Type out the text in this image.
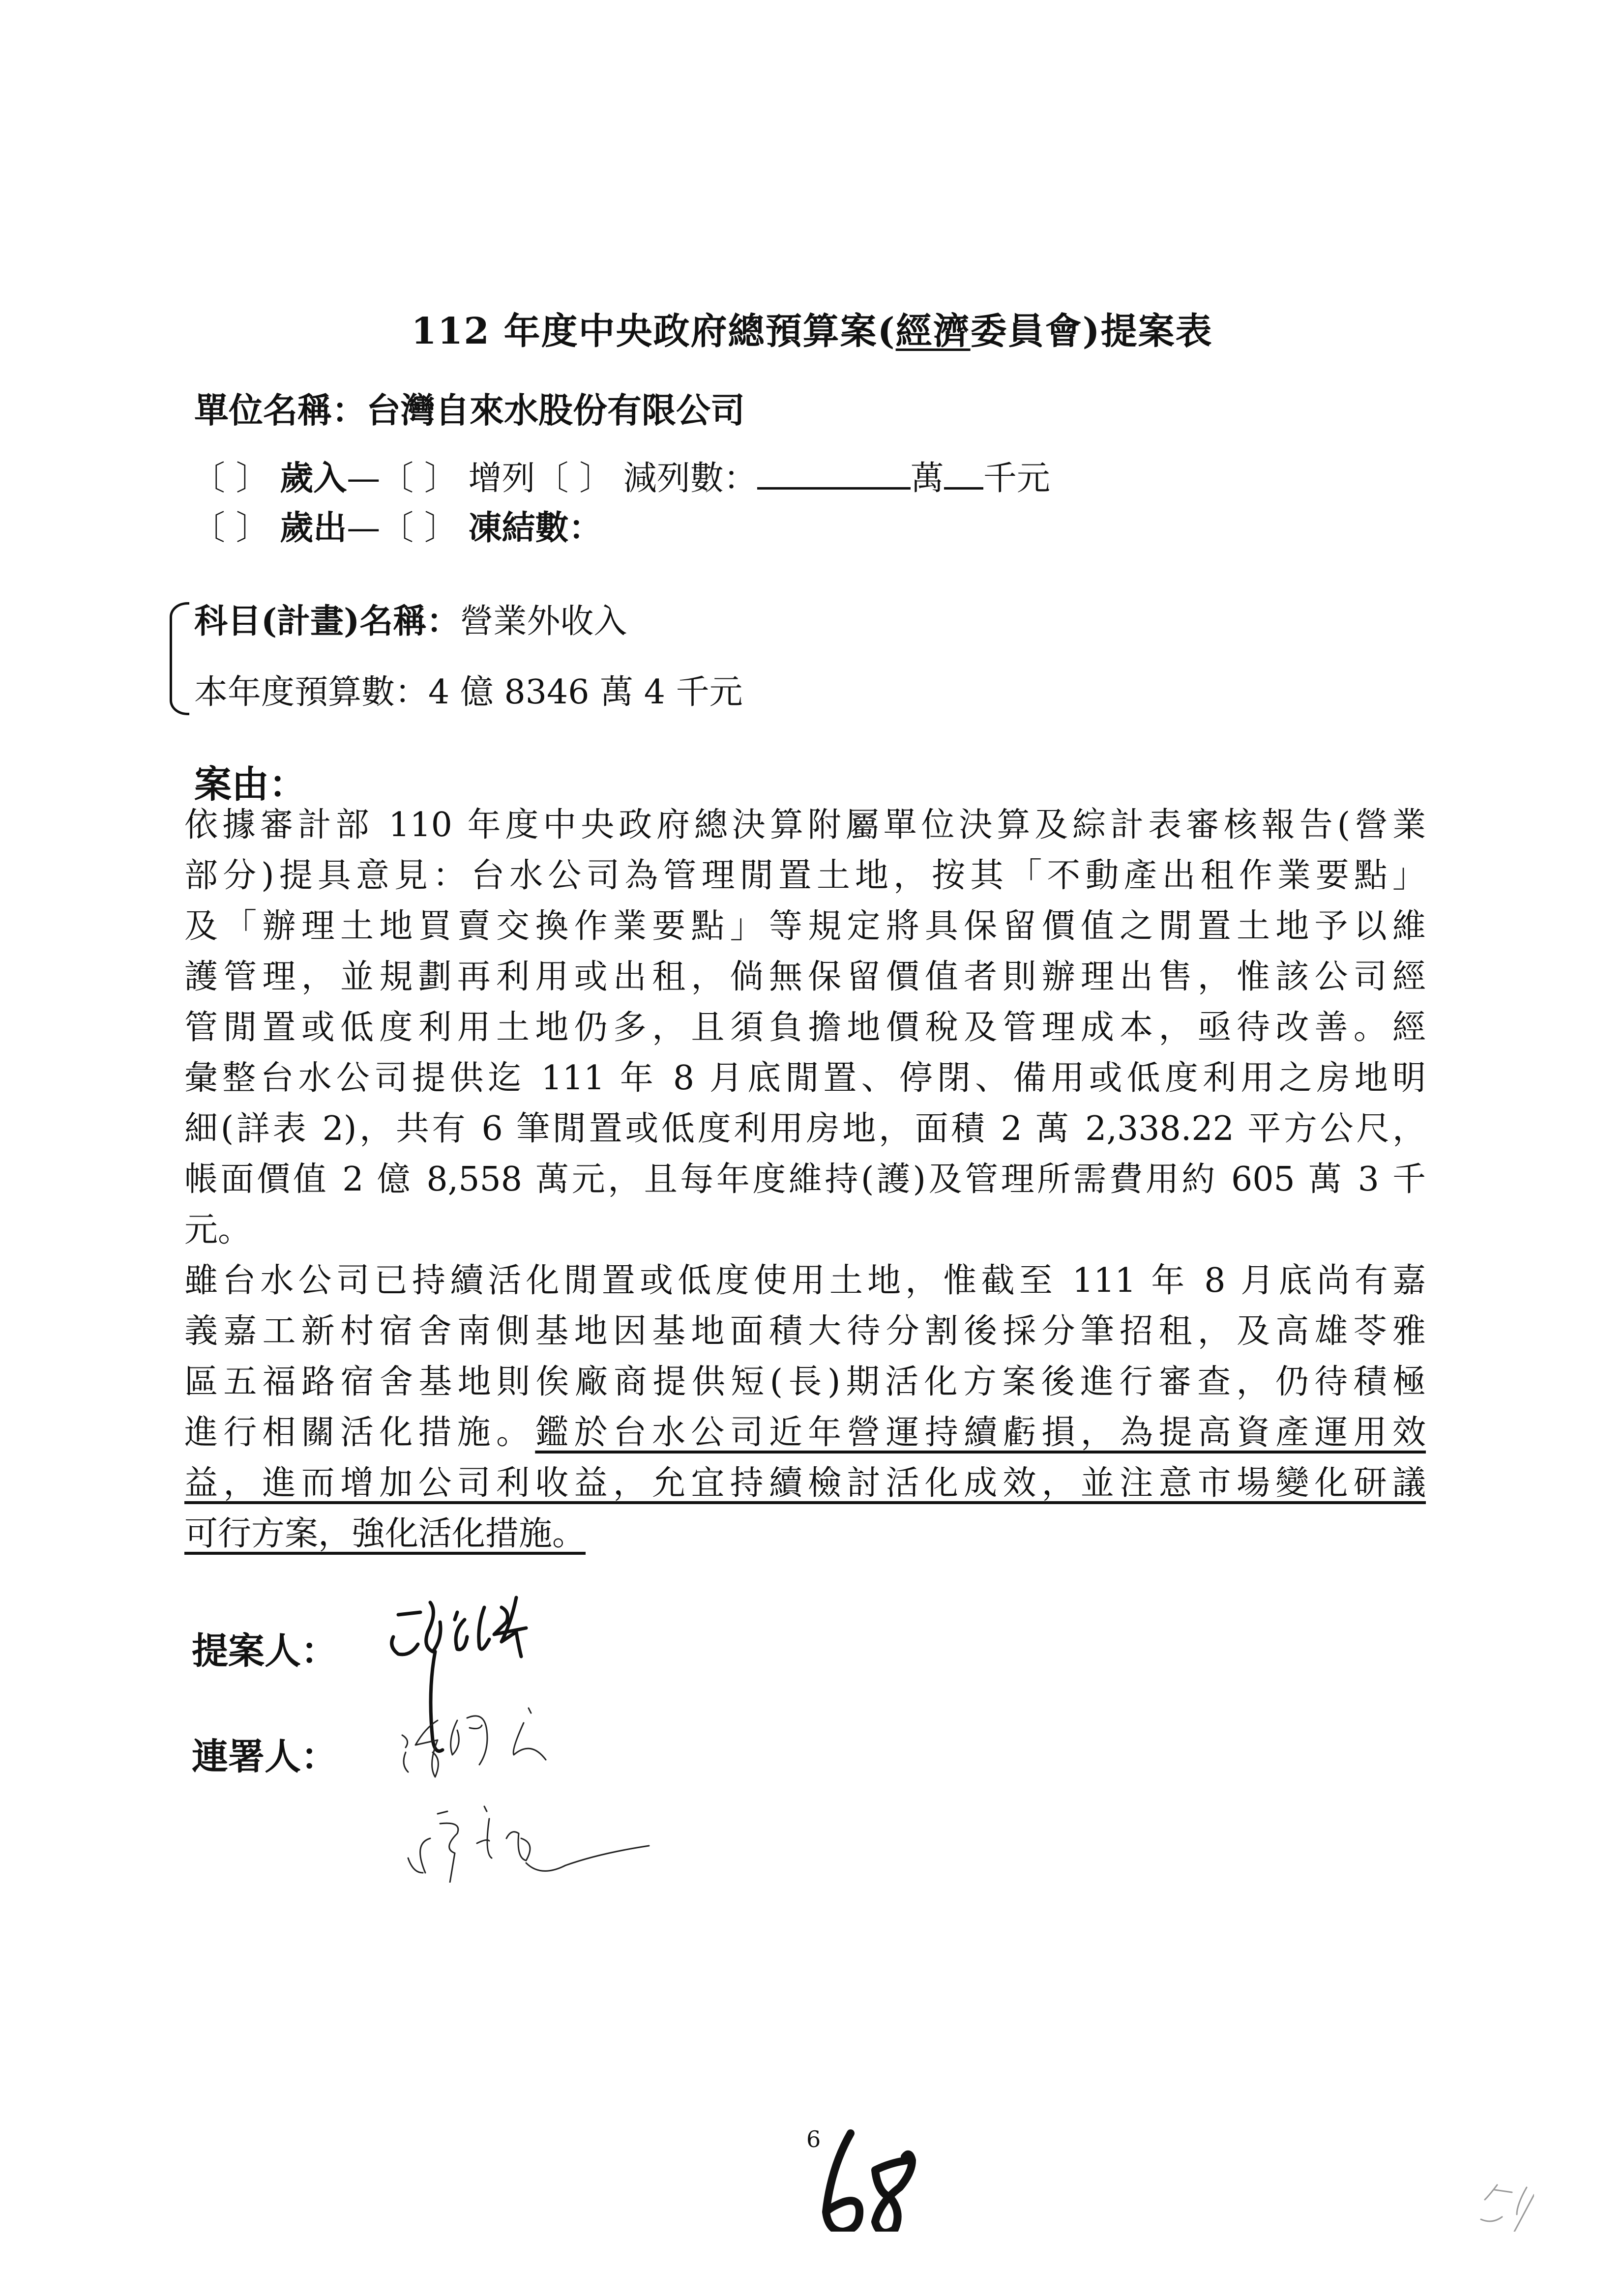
112 年度中央政府總預算案(經濟委員會)提案表
單位名稱：台灣自來水股份有限公司
〔 〕 歲入—〔 〕 增列〔 〕 減列數：	萬 千元
〔 〕 歲出—〔 〕 凍結數：
科目(計畫)名稱：營業外收入
本年度預算數：4 億 8346 萬 4 千元
案由：
依據審計部 110 年度中央政府總決算附屬單位決算及綜計表審核報告(營業
部分)提具意見：台水公司為管理閒置土地，按其「不動產出租作業要點」
及「辦理土地買賣交換作業要點」等規定將具保留價值之閒置土地予以維
護管理，並規劃再利用或出租，倘無保留價值者則辦理出售，惟該公司經
管閒置或低度利用土地仍多，且須負擔地價稅及管理成本，亟待改善。經
彙整台水公司提供迄 111 年 8 月底閒置、停閉、備用或低度利用之房地明
細(詳表 2)，共有 6 筆閒置或低度利用房地，面積 2 萬 2,338.22 平方公尺，
帳面價值 2 億 8,558 萬元，且每年度維持(護)及管理所需費用約 605 萬 3 千
元。
雖台水公司已持續活化閒置或低度使用土地，惟截至 111 年 8 月底尚有嘉
義嘉工新村宿舍南側基地因基地面積大待分割後採分筆招租，及高雄苓雅
區五福路宿舍基地則俟廠商提供短(長)期活化方案後進行審查，仍待積極
進行相關活化措施。鑑於台水公司近年營運持續虧損，為提高資產運用效
益，進而增加公司利收益，允宜持續檢討活化成效，並注意市場變化研議
可行方案，強化活化措施。
提案人：
連署人：
6
